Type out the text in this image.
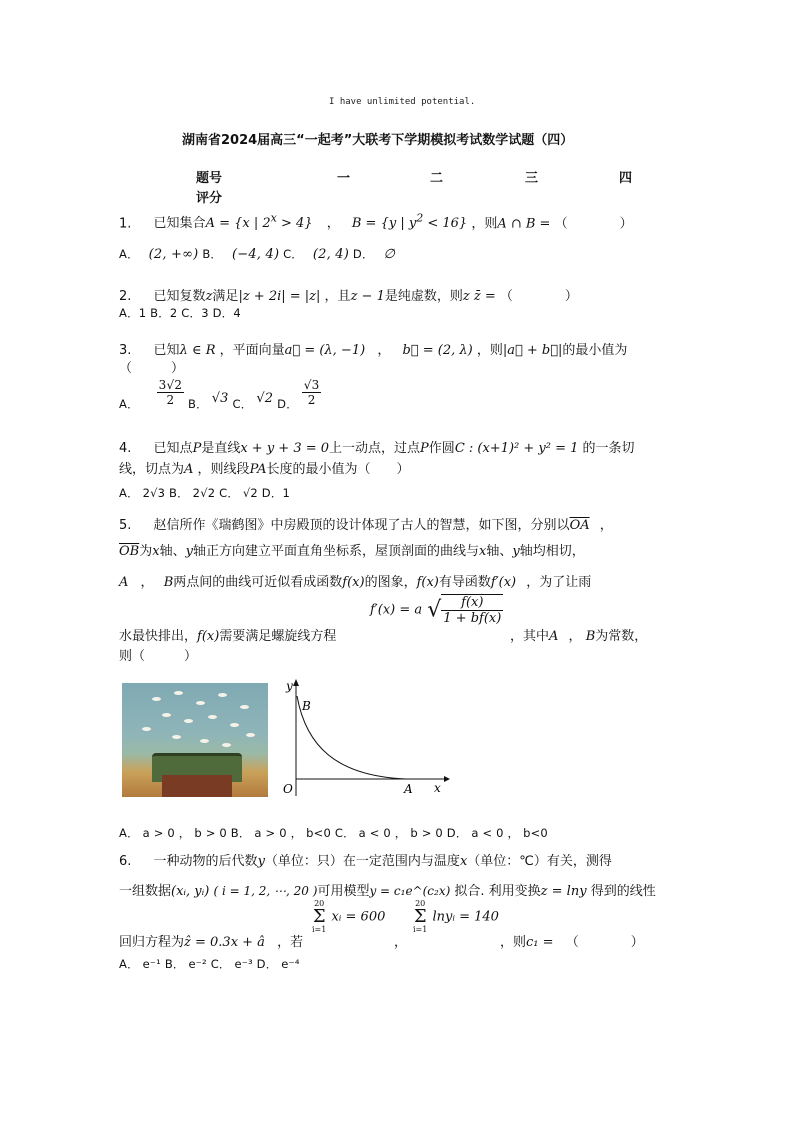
I have unlimited potential.
湖南省2024届高三“一起考”大联考下学期模拟考试数学试题（四）
题号	一	二	三	四
评分
1. 已知集合A = {x | $2^x > 4$} ， B = {y | $y^2 < 16$} ，则A ∩ B = （　　　　）
A． (2, +∞) B． (−4, 4) C． (2, 4) D． ∅
2. 已知复数z满足|z + 2i| = |z| ，且z − 1是纯虚数，则z z̄ = （　　　　）
A．1 B．2 C．3 D．4
3. 已知λ ∈ R ，平面向量a⃗ = (λ, −1) ， b⃗ = (2, λ) ，则|a⃗ + b⃗|的最小值为
（　　　）
A． $\frac{3√2}{2}$ B． √3 C． √2 D． $\frac{√3}{2}$
4. 已知点P是直线x + y + 3 = 0上一动点，过点P作圆C : (x+1)² + y² = 1 的一条切
线，切点为A ，则线段PA长度的最小值为（　　）
A． 2√3 B． 2√2 C． √2 D．1
5. 赵信所作《瑞鹤图》中房殿顶的设计体现了古人的智慧，如下图，分别以$\overline{OA}$ ，
$\overline{OB}$为x轴、y轴正方向建立平面直角坐标系，屋顶剖面的曲线与x轴、y轴均相切，
A ， B两点间的曲线可近似看成函数f(x)的图象，f(x)有导函数f′(x) ，为了让雨
水最快排出，f(x)需要满足螺旋线方程
f′(x) = a √ $\frac{f(x)}{1 + bf(x)}$
，其中A ， B为常数，
则（　　　）
y
x
O	A
B
A． a > 0 ， b > 0 B． a > 0 ， b<0 C． a < 0 ， b > 0 D． a < 0 ， b<0
6. 一种动物的后代数y（单位：只）在一定范围内与温度x（单位：℃）有关，测得
一组数据(xᵢ, yᵢ) ( i = 1, 2, ⋯, 20 )可用模型y = c₁e^(c₂x) 拟合. 利用变换z = lny 得到的线性
回归方程为ẑ = 0.3x + â ，若
20
Σ
i=1
xᵢ = 600
，
20
Σ
i=1
lnyᵢ = 140
，则c₁ = （　　　　）
A． e⁻¹ B． e⁻² C． e⁻³ D． e⁻⁴
